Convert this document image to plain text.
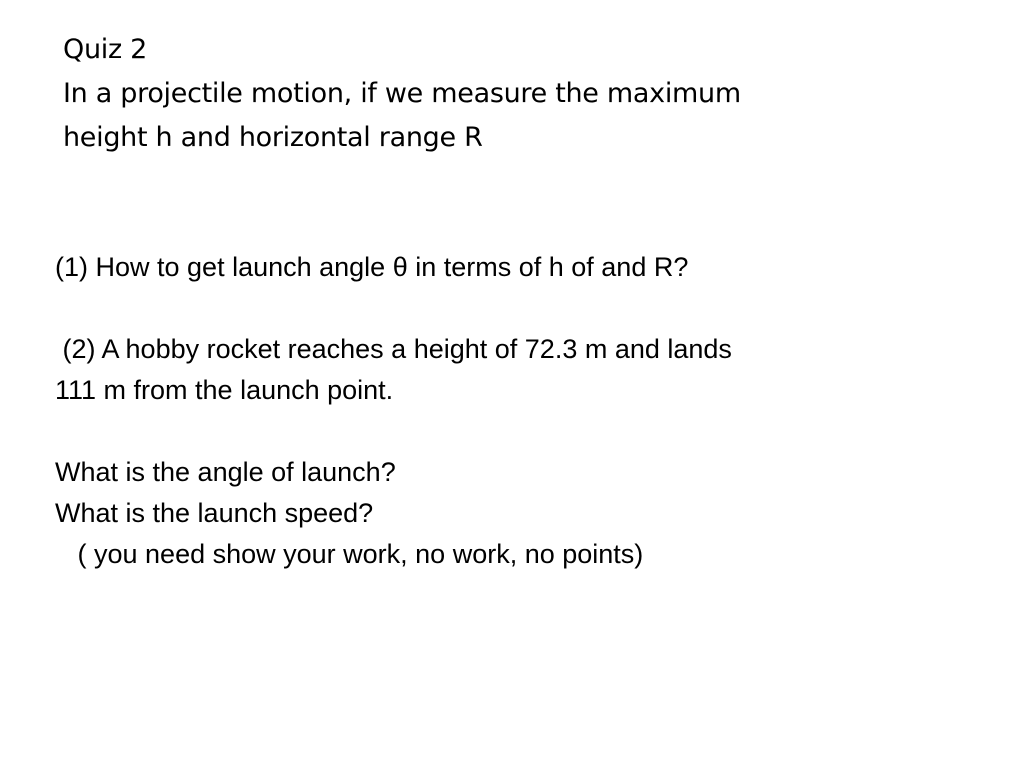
Quiz 2
In a projectile motion, if we measure the maximum
height h and horizontal range R
(1) How to get launch angle θ in terms of h of and R?
(2) A hobby rocket reaches a height of 72.3 m and lands
111 m from the launch point.
What is the angle of launch?
What is the launch speed?
( you need show your work, no work, no points)
